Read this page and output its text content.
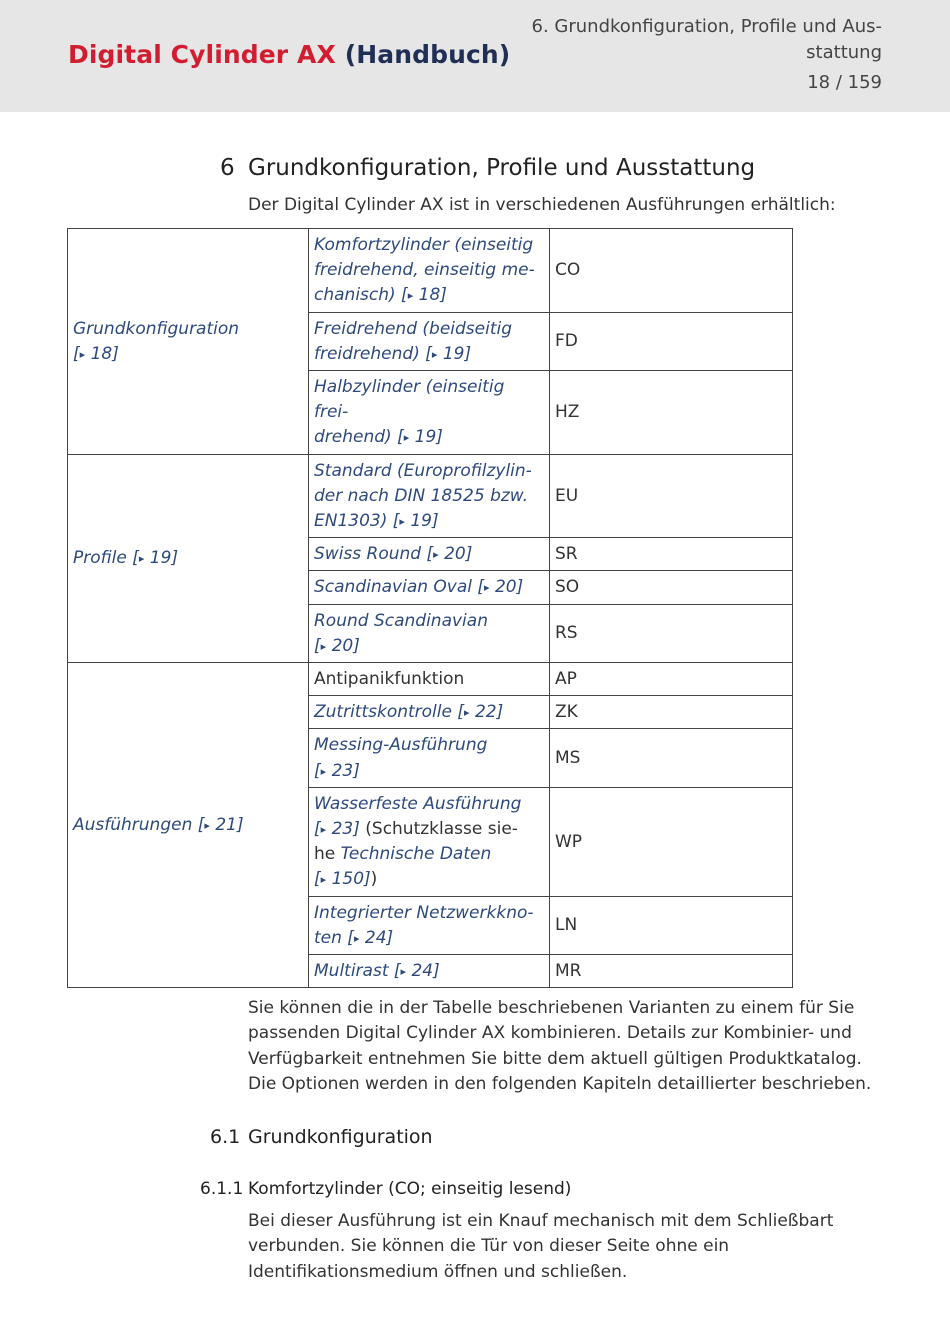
Digital Cylinder AX (Handbuch)
6. Grundkonfiguration, Profile und Aus-
stattung
18 / 159
6 Grundkonfiguration, Profile und Ausstattung
Der Digital Cylinder AX ist in verschiedenen Ausführungen erhältlich:
Grundkonfiguration
[▸ 18]	Komfortzylinder (einseitig
freidrehend, einseitig me-
chanisch) [▸ 18]	CO
	Freidrehend (beidseitig
freidrehend) [▸ 19]	FD
	Halbzylinder (einseitig frei-
drehend) [▸ 19]	HZ
Profile [▸ 19]	Standard (Europrofilzylin-
der nach DIN 18525 bzw.
EN1303) [▸ 19]	EU
	Swiss Round [▸ 20]	SR
	Scandinavian Oval [▸ 20]	SO
	Round Scandinavian
[▸ 20]	RS
Ausführungen [▸ 21]	Antipanikfunktion	AP
	Zutrittskontrolle [▸ 22]	ZK
	Messing-Ausführung
[▸ 23]	MS
	Wasserfeste Ausführung
[▸ 23] (Schutzklasse sie-
he Technische Daten
[▸ 150])	WP
	Integrierter Netzwerkkno-
ten [▸ 24]	LN
	Multirast [▸ 24]	MR
Sie können die in der Tabelle beschriebenen Varianten zu einem für Sie
passenden Digital Cylinder AX kombinieren. Details zur Kombinier- und
Verfügbarkeit entnehmen Sie bitte dem aktuell gültigen Produktkatalog.
Die Optionen werden in den folgenden Kapiteln detaillierter beschrieben.
6.1 Grundkonfiguration
6.1.1 Komfortzylinder (CO; einseitig lesend)
Bei dieser Ausführung ist ein Knauf mechanisch mit dem Schließbart
verbunden. Sie können die Tür von dieser Seite ohne ein
Identifikationsmedium öffnen und schließen.
